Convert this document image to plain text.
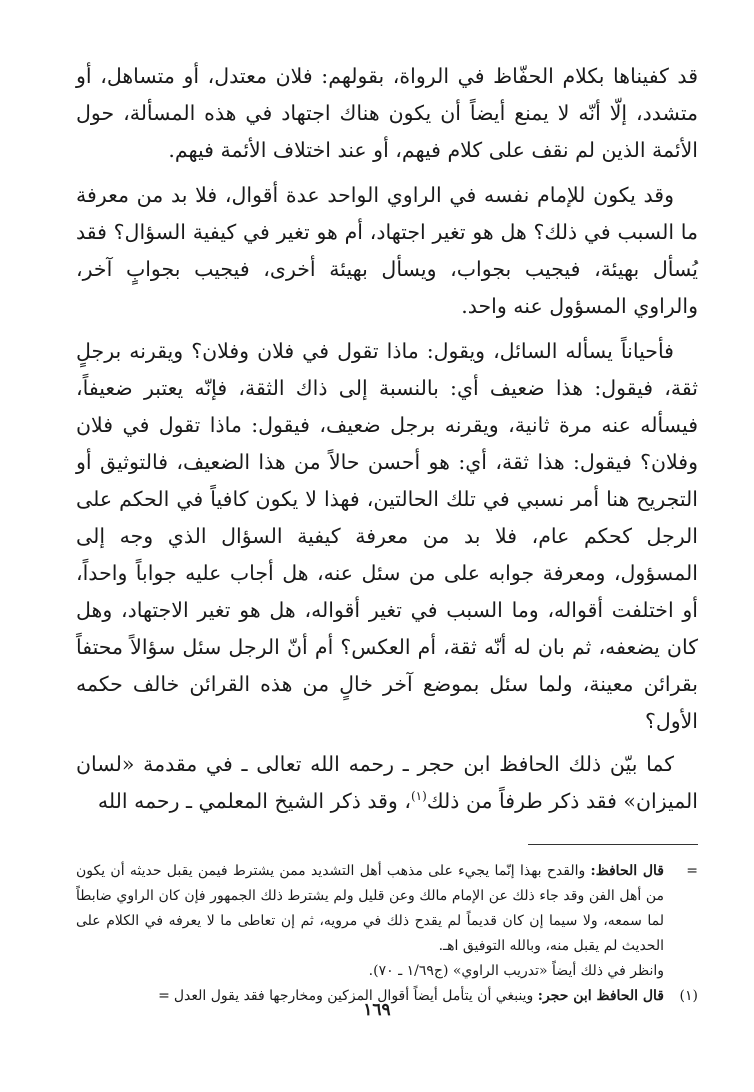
قد كفيناها بكلام الحفّاظ في الرواة، بقولهم: فلان معتدل، أو متساهل، أو متشدد، إلّا أنّه لا يمنع أيضاً أن يكون هناك اجتهاد في هذه المسألة، حول الأئمة الذين لم نقف على كلام فيهم، أو عند اختلاف الأئمة فيهم.

وقد يكون للإمام نفسه في الراوي الواحد عدة أقوال، فلا بد من معرفة ما السبب في ذلك؟ هل هو تغير اجتهاد، أم هو تغير في كيفية السؤال؟ فقد يُسأل بهيئة، فيجيب بجواب، ويسأل بهيئة أخرى، فيجيب بجوابٍ آخر، والراوي المسؤول عنه واحد.

فأحياناً يسأله السائل، ويقول: ماذا تقول في فلان وفلان؟ ويقرنه برجلٍ ثقة، فيقول: هذا ضعيف أي: بالنسبة إلى ذاك الثقة، فإنّه يعتبر ضعيفاً، فيسأله عنه مرة ثانية، ويقرنه برجل ضعيف، فيقول: ماذا تقول في فلان وفلان؟ فيقول: هذا ثقة، أي: هو أحسن حالاً من هذا الضعيف، فالتوثيق أو التجريح هنا أمر نسبي في تلك الحالتين، فهذا لا يكون كافياً في الحكم على الرجل كحكم عام، فلا بد من معرفة كيفية السؤال الذي وجه إلى المسؤول، ومعرفة جوابه على من سئل عنه، هل أجاب عليه جواباً واحداً، أو اختلفت أقواله، وما السبب في تغير أقواله، هل هو تغير الاجتهاد، وهل كان يضعفه، ثم بان له أنّه ثقة، أم العكس؟ أم أنّ الرجل سئل سؤالاً محتفاً بقرائن معينة، ولما سئل بموضع آخر خالٍ من هذه القرائن خالف حكمه الأول؟

كما بيّن ذلك الحافظ ابن حجر ـ رحمه الله تعالى ـ في مقدمة «لسان الميزان» فقد ذكر طرفاً من ذلك$^{(١)}$، وقد ذكر الشيخ المعلمي ـ رحمه الله

=

قال الحافظ: والقدح بهذا إنّما يجيء على مذهب أهل التشديد ممن يشترط فيمن يقبل حديثه أن يكون من أهل الفن وقد جاء ذلك عن الإمام مالك وعن قليل ولم يشترط ذلك الجمهور فإن كان الراوي ضابطاً لما سمعه، ولا سيما إن كان قديماً لم يقدح ذلك في مرويه، ثم إن تعاطى ما لا يعرفه في الكلام على الحديث لم يقبل منه، وبالله التوفيق اهـ.

وانظر في ذلك أيضاً «تدريب الراوي» (ج١/٦٩ ـ ٧٠).

(١)

قال الحافظ ابن حجر: وينبغي أن يتأمل أيضاً أقوال المزكين ومخارجها فقد يقول العدل=

١٦٩
